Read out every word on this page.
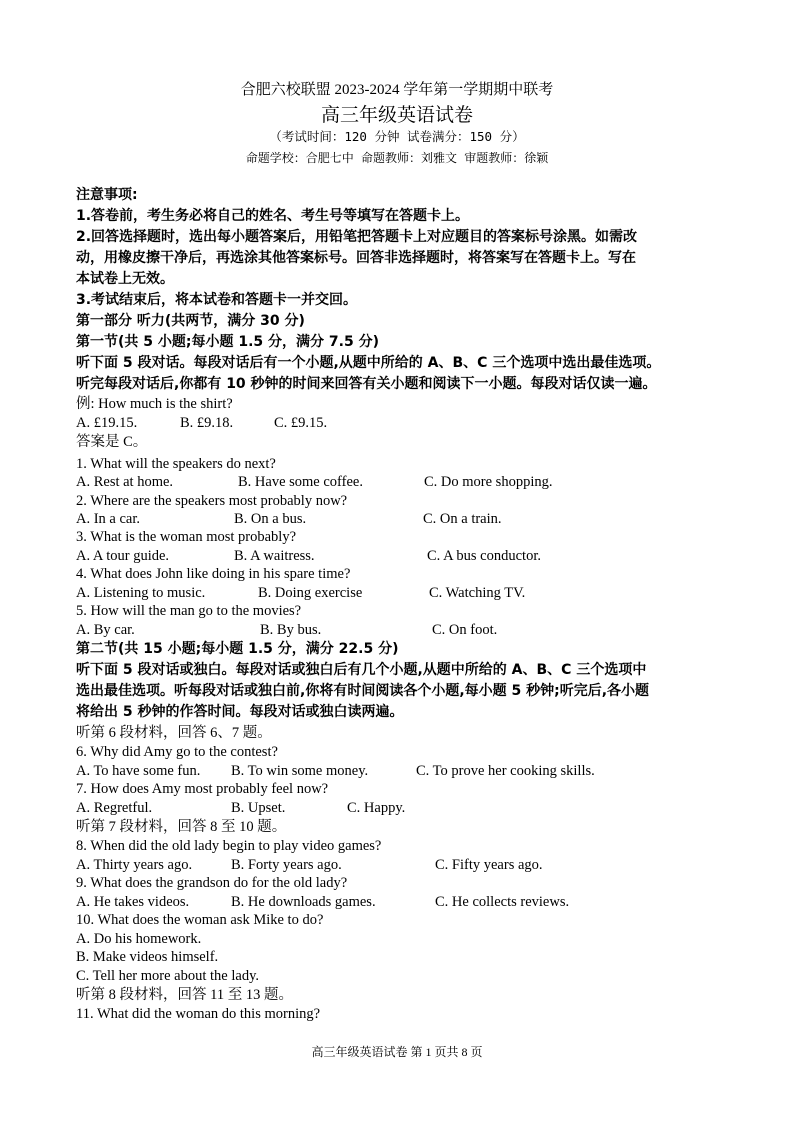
合肥六校联盟 2023-2024 学年第一学期期中联考
高三年级英语试卷
（考试时间：120 分钟 试卷满分：150 分）
命题学校：合肥七中 命题教师：刘雅文 审题教师：徐颖
注意事项:
1.答卷前，考生务必将自己的姓名、考生号等填写在答题卡上。
2.回答选择题时，选出每小题答案后，用铅笔把答题卡上对应题目的答案标号涂黑。如需改
动，用橡皮擦干净后，再选涂其他答案标号。回答非选择题时，将答案写在答题卡上。写在
本试卷上无效。
3.考试结束后，将本试卷和答题卡一并交回。
第一部分 听力(共两节，满分 30 分)
第一节(共 5 小题;每小题 1.5 分，满分 7.5 分)
听下面 5 段对话。每段对话后有一个小题,从题中所给的 A、B、C 三个选项中选出最佳选项。
听完每段对话后,你都有 10 秒钟的时间来回答有关小题和阅读下一小题。每段对话仅读一遍。
例: How much is the shirt?
A. £19.15.	B. £9.18.	C. £9.15.
答案是 C。
1. What will the speakers do next?
A. Rest at home.	B. Have some coffee.	C. Do more shopping.
2. Where are the speakers most probably now?
A. In a car.	B. On a bus.	C. On a train.
3. What is the woman most probably?
A. A tour guide.	B. A waitress.	C. A bus conductor.
4. What does John like doing in his spare time?
A. Listening to music.	B. Doing exercise	C. Watching TV.
5. How will the man go to the movies?
A. By car.	B. By bus.	C. On foot.
第二节(共 15 小题;每小题 1.5 分，满分 22.5 分)
听下面 5 段对话或独白。每段对话或独白后有几个小题,从题中所给的 A、B、C 三个选项中
选出最佳选项。听每段对话或独白前,你将有时间阅读各个小题,每小题 5 秒钟;听完后,各小题
将给出 5 秒钟的作答时间。每段对话或独白读两遍。
听第 6 段材料，回答 6、7 题。
6. Why did Amy go to the contest?
A. To have some fun. B. To win some money.	C. To prove her cooking skills.
7. How does Amy most probably feel now?
A. Regretful.	B. Upset.	C. Happy.
听第 7 段材料，回答 8 至 10 题。
8. When did the old lady begin to play video games?
A. Thirty years ago.	B. Forty years ago.	C. Fifty years ago.
9. What does the grandson do for the old lady?
A. He takes videos.	B. He downloads games.	C. He collects reviews.
10. What does the woman ask Mike to do?
A. Do his homework.
B. Make videos himself.
C. Tell her more about the lady.
听第 8 段材料，回答 11 至 13 题。
11. What did the woman do this morning?
高三年级英语试卷 第 1 页共 8 页
